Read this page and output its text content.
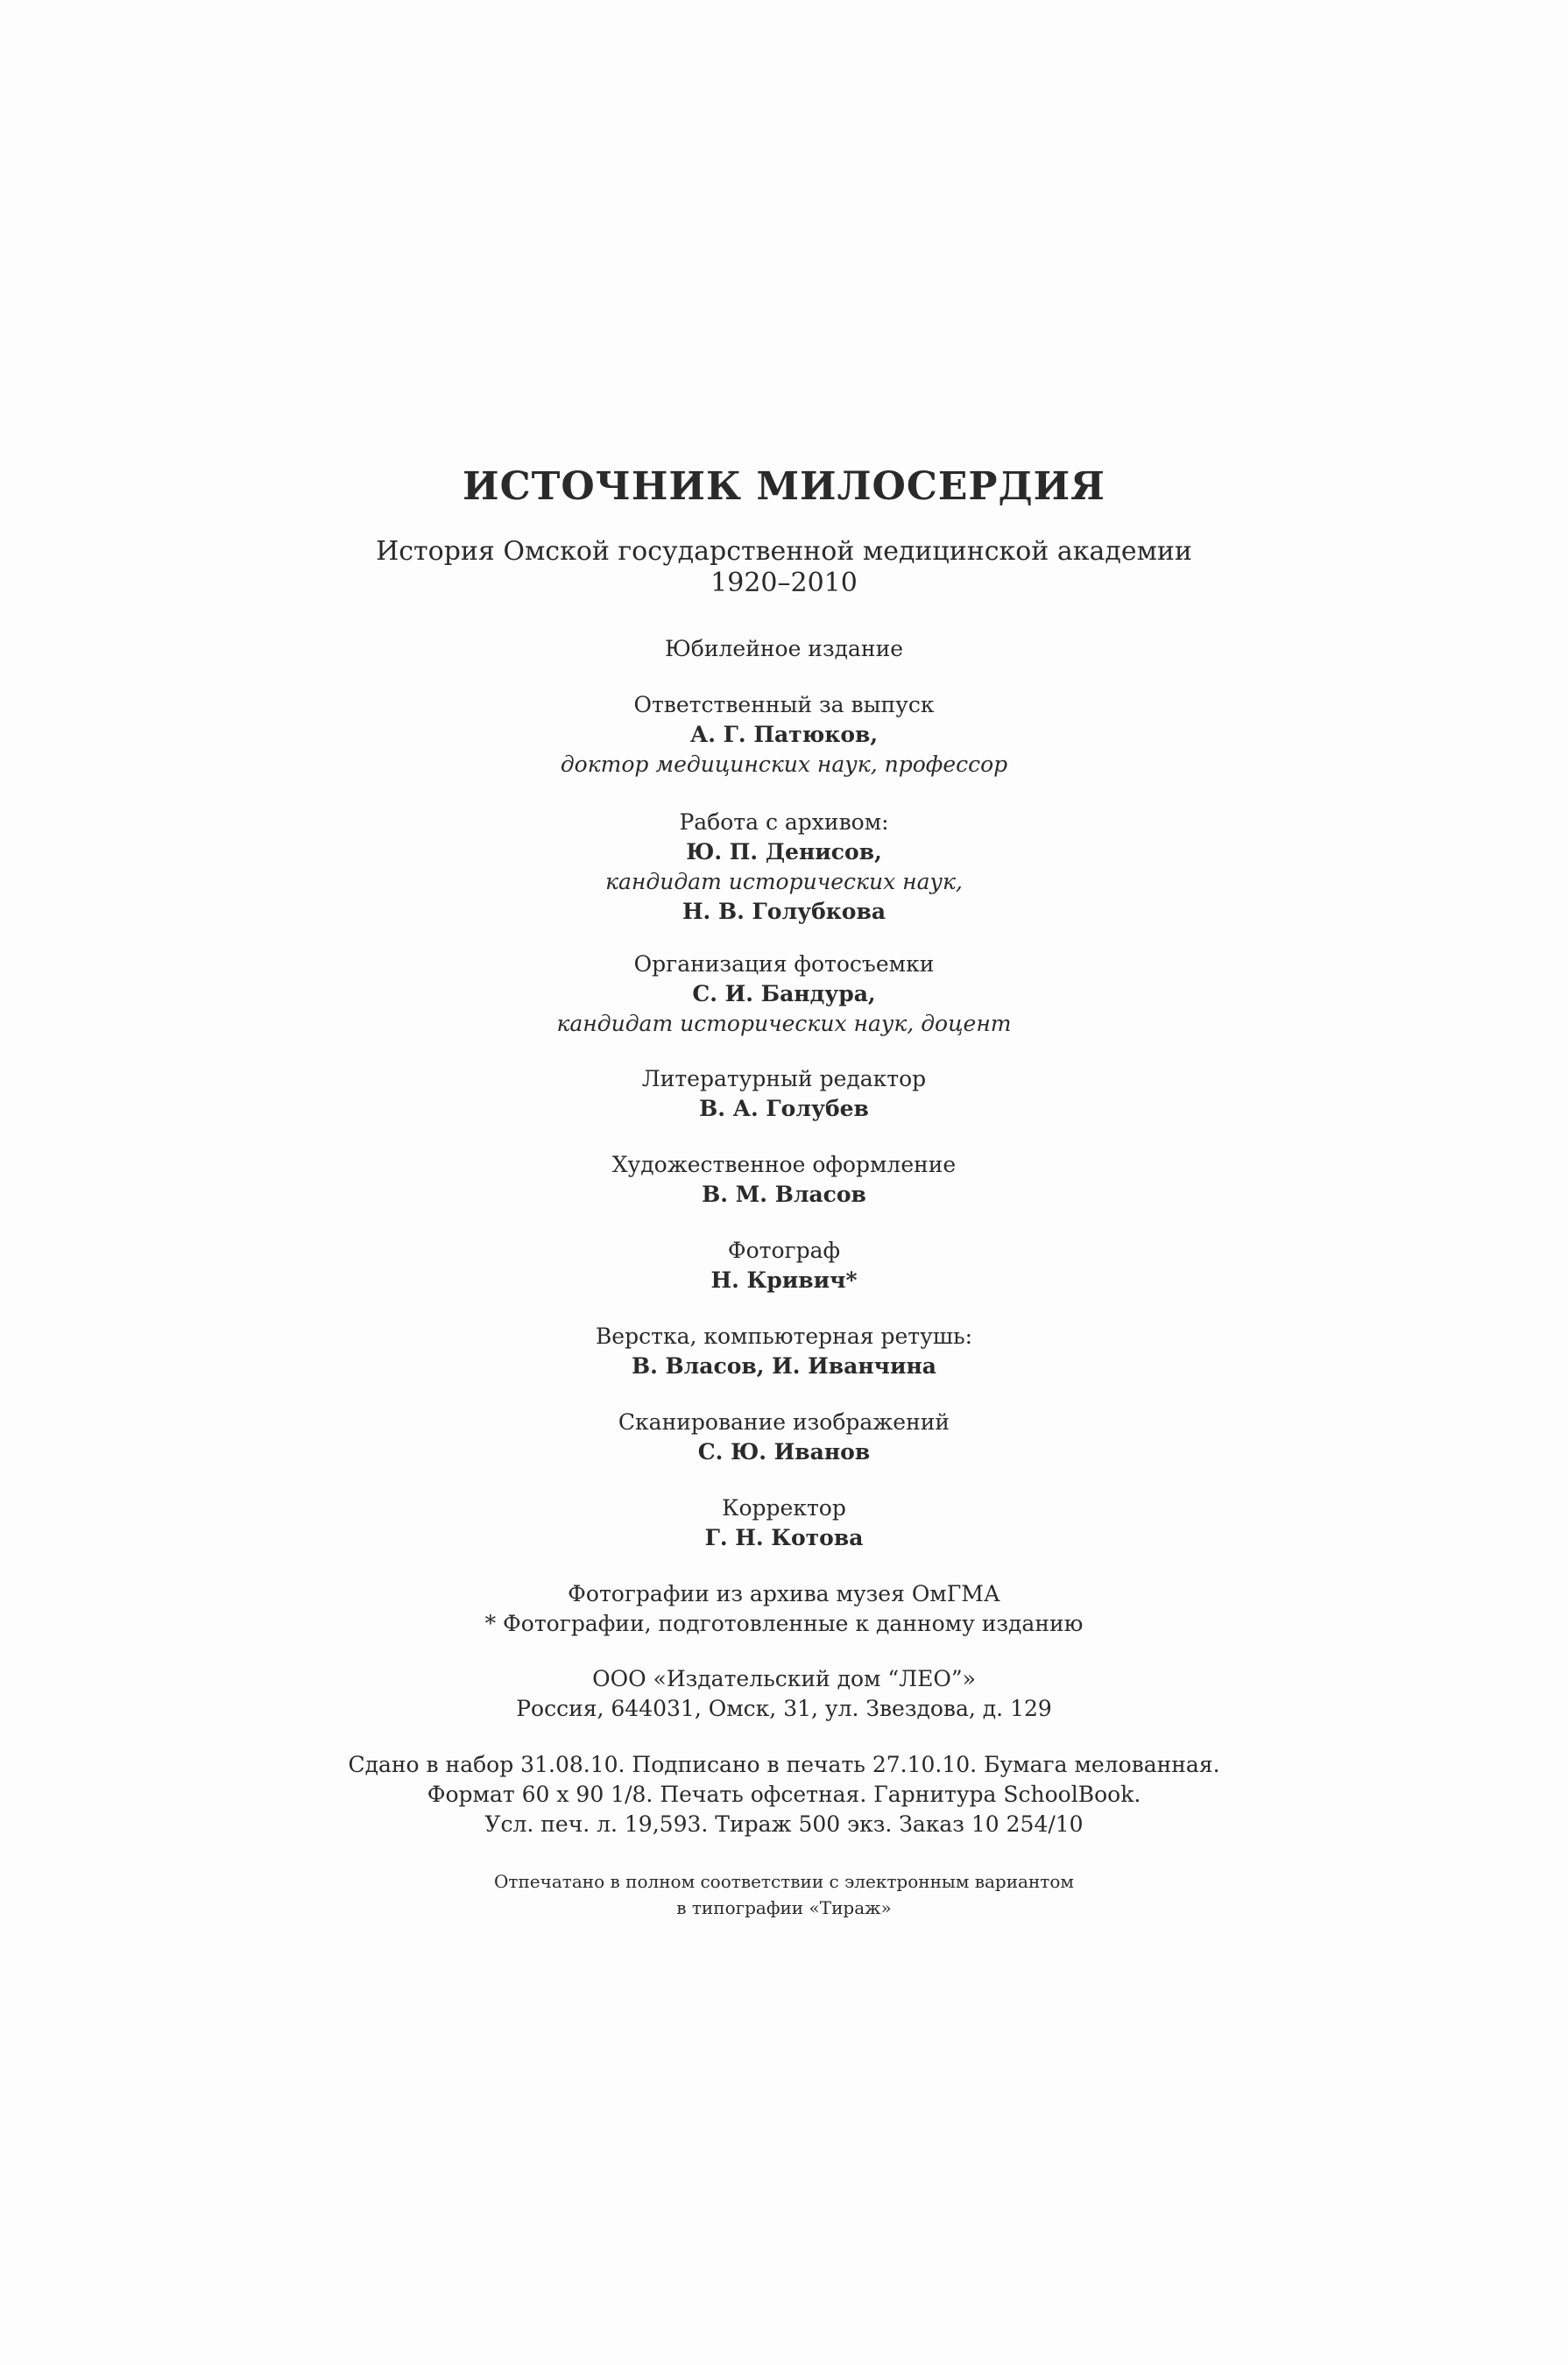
ИСТОЧНИК МИЛОСЕРДИЯ
История Омской государственной медицинской академии
1920–2010
Юбилейное издание
Ответственный за выпуск
А. Г. Патюков,
доктор медицинских наук, профессор
Работа с архивом:
Ю. П. Денисов,
кандидат исторических наук,
Н. В. Голубкова
Организация фотосъемки
С. И. Бандура,
кандидат исторических наук, доцент
Литературный редактор
В. А. Голубев
Художественное оформление
В. М. Власов
Фотограф
Н. Кривич*
Верстка, компьютерная ретушь:
В. Власов, И. Иванчина
Сканирование изображений
С. Ю. Иванов
Корректор
Г. Н. Котова
Фотографии из архива музея ОмГМА
* Фотографии, подготовленные к данному изданию
ООО «Издательский дом “ЛЕО”»
Россия, 644031, Омск, 31, ул. Звездова, д. 129
Сдано в набор 31.08.10. Подписано в печать 27.10.10. Бумага мелованная.
Формат 60 х 90 1/8. Печать офсетная. Гарнитура SchoolBook.
Усл. печ. л. 19,593. Тираж 500 экз. Заказ 10 254/10
Отпечатано в полном соответствии с электронным вариантом
в типографии «Тираж»
